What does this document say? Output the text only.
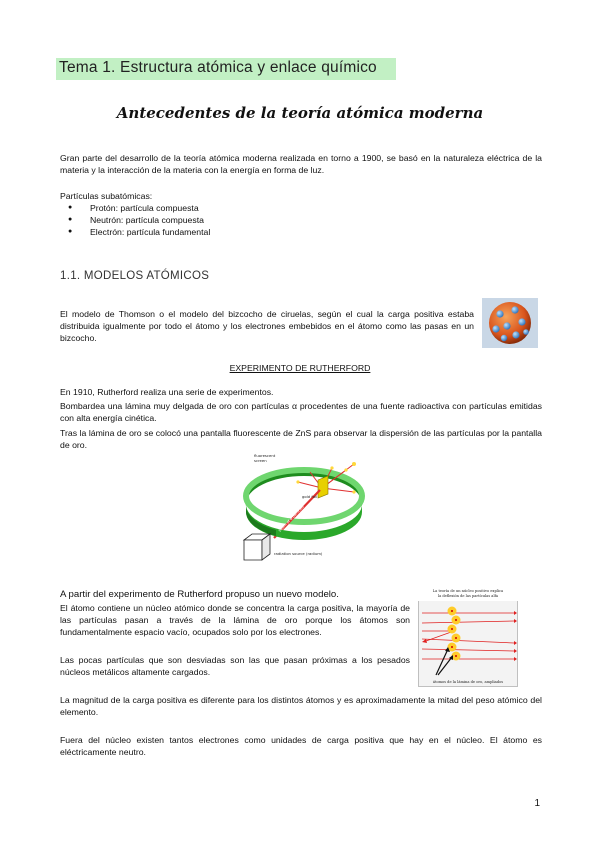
Tema 1. Estructura atómica y enlace químico
Antecedentes de la teoría atómica moderna
Gran parte del desarrollo de la teoría atómica moderna realizada en torno a 1900, se basó en la naturaleza eléctrica de la materia y la interacción de la materia con la energía en forma de luz.
Partículas subatómicas:
● Protón: partícula compuesta
● Neutrón: partícula compuesta
● Electrón: partícula fundamental
1.1. MODELOS ATÓMICOS
El modelo de Thomson o el modelo del bizcocho de ciruelas, según el cual la carga positiva estaba distribuida igualmente por todo el átomo y los electrones embebidos en el átomo como las pasas en un bizcocho.
EXPERIMENTO DE RUTHERFORD
En 1910, Rutherford realiza una serie de experimentos.
Bombardea una lámina muy delgada de oro con partículas α procedentes de una fuente radioactiva con partículas emitidas con alta energía cinética.
Tras la lámina de oro se colocó una pantalla fluorescente de ZnS para observar la dispersión de las partículas por la pantalla de oro.
fluorescent
screen
gold foil
radiation source (radium)
beam of α particles
A partir del experimento de Rutherford propuso un nuevo modelo.
El átomo contiene un núcleo atómico donde se concentra la carga positiva, la mayoría de las partículas pasan a través de la lámina de oro porque los átomos son fundamentalmente espacio vacío, ocupados solo por los electrones.
Las pocas partículas que son desviadas son las que pasan próximas a los pesados núcleos metálicos altamente cargados.
La teoría de un núcleo positivo explica
la deflexión de las partículas alfa
átomos de la lámina de oro, ampliados
La magnitud de la carga positiva es diferente para los distintos átomos y es aproximadamente la mitad del peso atómico del elemento.
Fuera del núcleo existen tantos electrones como unidades de carga positiva que hay en el núcleo. El átomo es eléctricamente neutro.
1
